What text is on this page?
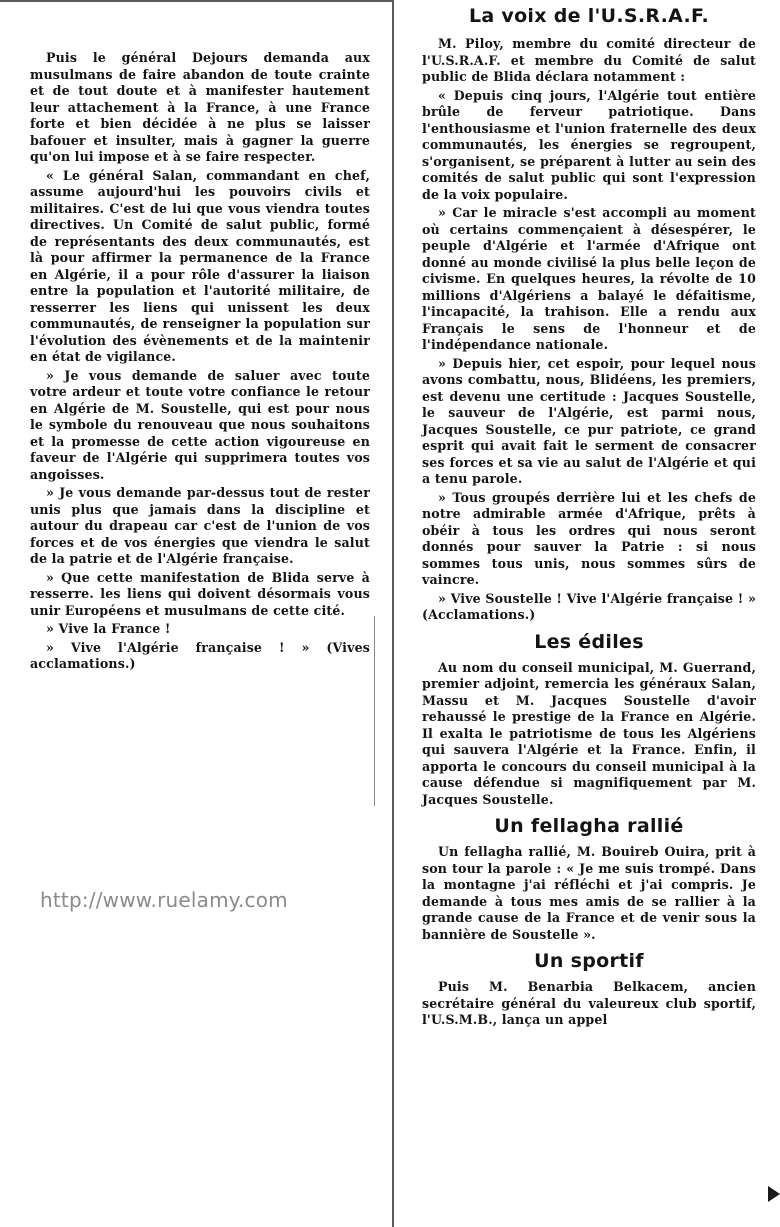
Puis le général Dejours demanda aux musulmans de faire abandon de toute crainte et de tout doute et à manifester hautement leur attachement à la France, à une France forte et bien décidée à ne plus se laisser bafouer et insulter, mais à gagner la guerre qu'on lui impose et à se faire respecter.

« Le général Salan, commandant en chef, assume aujourd'hui les pouvoirs civils et militaires. C'est de lui que vous viendra toutes directives. Un Comité de salut public, formé de représentants des deux communautés, est là pour affirmer la permanence de la France en Algérie, il a pour rôle d'assurer la liaison entre la population et l'autorité militaire, de resserrer les liens qui unissent les deux communautés, de renseigner la population sur l'évolution des évènements et de la maintenir en état de vigilance.

» Je vous demande de saluer avec toute votre ardeur et toute votre confiance le retour en Algérie de M. Soustelle, qui est pour nous le symbole du renouveau que nous souhaitons et la promesse de cette action vigoureuse en faveur de l'Algérie qui supprimera toutes vos angoisses.

» Je vous demande par-dessus tout de rester unis plus que jamais dans la discipline et autour du drapeau car c'est de l'union de vos forces et de vos énergies que viendra le salut de la patrie et de l'Algérie française.

» Que cette manifestation de Blida serve à resserre. les liens qui doivent désormais vous unir Européens et musulmans de cette cité.

» Vive la France !

» Vive l'Algérie française ! » (Vives acclamations.)

http://www.ruelamy.com
La voix de l'U.S.R.A.F.

M. Piloy, membre du comité directeur de l'U.S.R.A.F. et membre du Comité de salut public de Blida déclara notamment :

« Depuis cinq jours, l'Algérie tout entière brûle de ferveur patriotique. Dans l'enthousiasme et l'union fraternelle des deux communautés, les énergies se regroupent, s'organisent, se préparent à lutter au sein des comités de salut public qui sont l'expression de la voix populaire.

» Car le miracle s'est accompli au moment où certains commençaient à désespérer, le peuple d'Algérie et l'armée d'Afrique ont donné au monde civilisé la plus belle leçon de civisme. En quelques heures, la révolte de 10 millions d'Algériens a balayé le défaitisme, l'incapacité, la trahison. Elle a rendu aux Français le sens de l'honneur et de l'indépendance nationale.

» Depuis hier, cet espoir, pour lequel nous avons combattu, nous, Blidéens, les premiers, est devenu une certitude : Jacques Soustelle, le sauveur de l'Algérie, est parmi nous, Jacques Soustelle, ce pur patriote, ce grand esprit qui avait fait le serment de consacrer ses forces et sa vie au salut de l'Algérie et qui a tenu parole.

» Tous groupés derrière lui et les chefs de notre admirable armée d'Afrique, prêts à obéir à tous les ordres qui nous seront donnés pour sauver la Patrie : si nous sommes tous unis, nous sommes sûrs de vaincre.

» Vive Soustelle ! Vive l'Algérie française ! » (Acclamations.)

Les édiles

Au nom du conseil municipal, M. Guerrand, premier adjoint, remercia les généraux Salan, Massu et M. Jacques Soustelle d'avoir rehaussé le prestige de la France en Algérie. Il exalta le patriotisme de tous les Algériens qui sauvera l'Algérie et la France. Enfin, il apporta le concours du conseil municipal à la cause défendue si magnifiquement par M. Jacques Soustelle.

Un fellagha rallié

Un fellagha rallié, M. Bouireb Ouira, prit à son tour la parole : « Je me suis trompé. Dans la montagne j'ai réfléchi et j'ai compris. Je demande à tous mes amis de se rallier à la grande cause de la France et de venir sous la bannière de Soustelle ».

Un sportif

Puis M. Benarbia Belkacem, ancien secrétaire général du valeureux club sportif, l'U.S.M.B., lança un appel
